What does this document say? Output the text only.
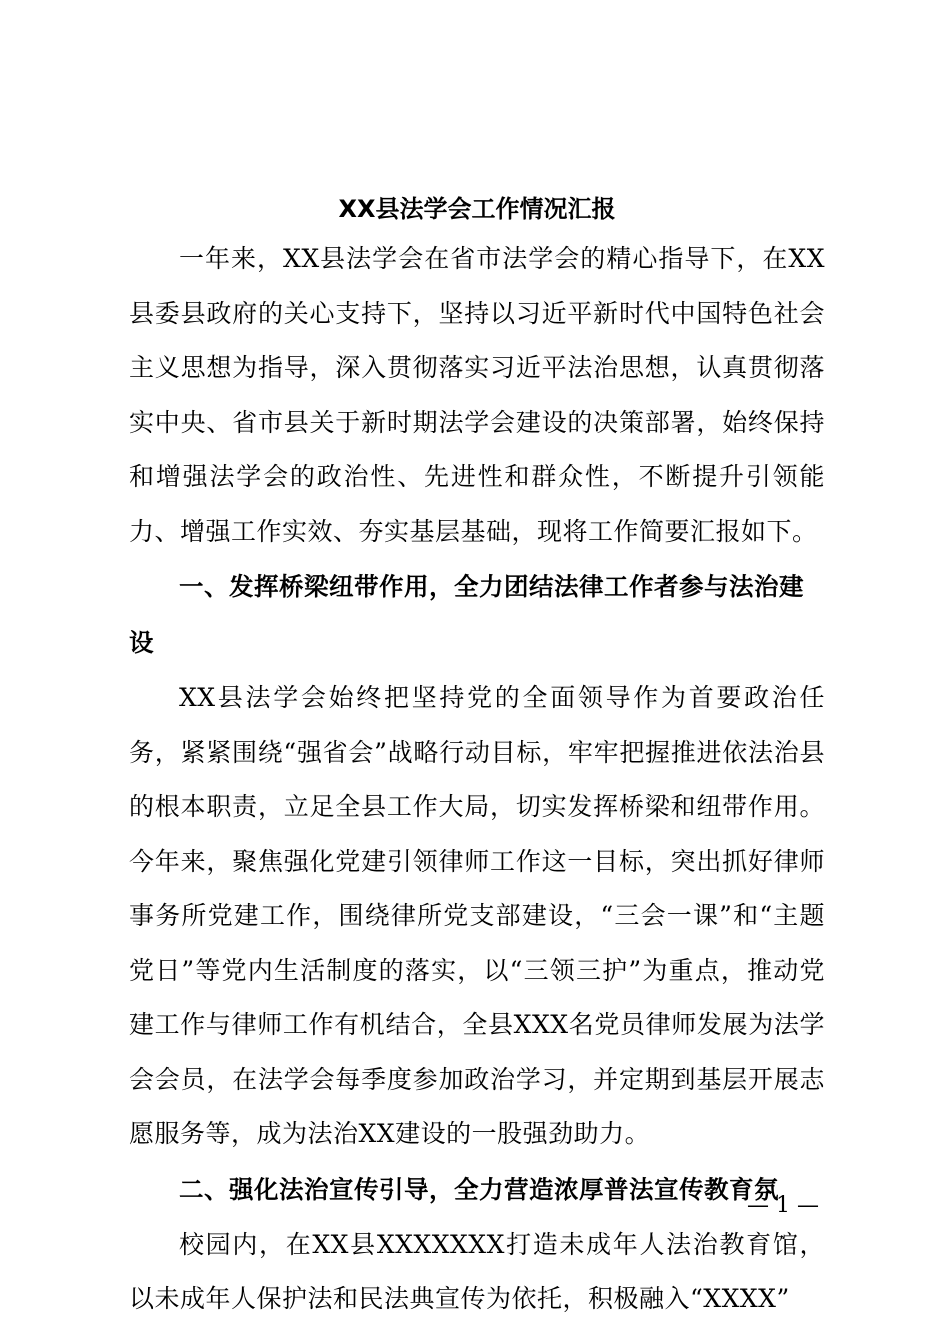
XX县法学会工作情况汇报

一年来，XX县法学会在省市法学会的精心指导下，在XX县委县政府的关心支持下，坚持以习近平新时代中国特色社会主义思想为指导，深入贯彻落实习近平法治思想，认真贯彻落实中央、省市县关于新时期法学会建设的决策部署，始终保持和增强法学会的政治性、先进性和群众性，不断提升引领能力、增强工作实效、夯实基层基础，现将工作简要汇报如下。

一、发挥桥梁纽带作用，全力团结法律工作者参与法治建设

XX县法学会始终把坚持党的全面领导作为首要政治任务，紧紧围绕“强省会”战略行动目标，牢牢把握推进依法治县的根本职责，立足全县工作大局，切实发挥桥梁和纽带作用。今年来，聚焦强化党建引领律师工作这一目标，突出抓好律师事务所党建工作，围绕律所党支部建设，“三会一课”和“主题党日”等党内生活制度的落实，以“三领三护”为重点，推动党建工作与律师工作有机结合，全县XXX名党员律师发展为法学会会员，在法学会每季度参加政治学习，并定期到基层开展志愿服务等，成为法治XX建设的一股强劲助力。

二、强化法治宣传引导，全力营造浓厚普法宣传教育氛

校园内，在XX县XXXXXXX打造未成年人法治教育馆，以未成年人保护法和民法典宣传为依托，积极融入“XXXX”

— 1 —
